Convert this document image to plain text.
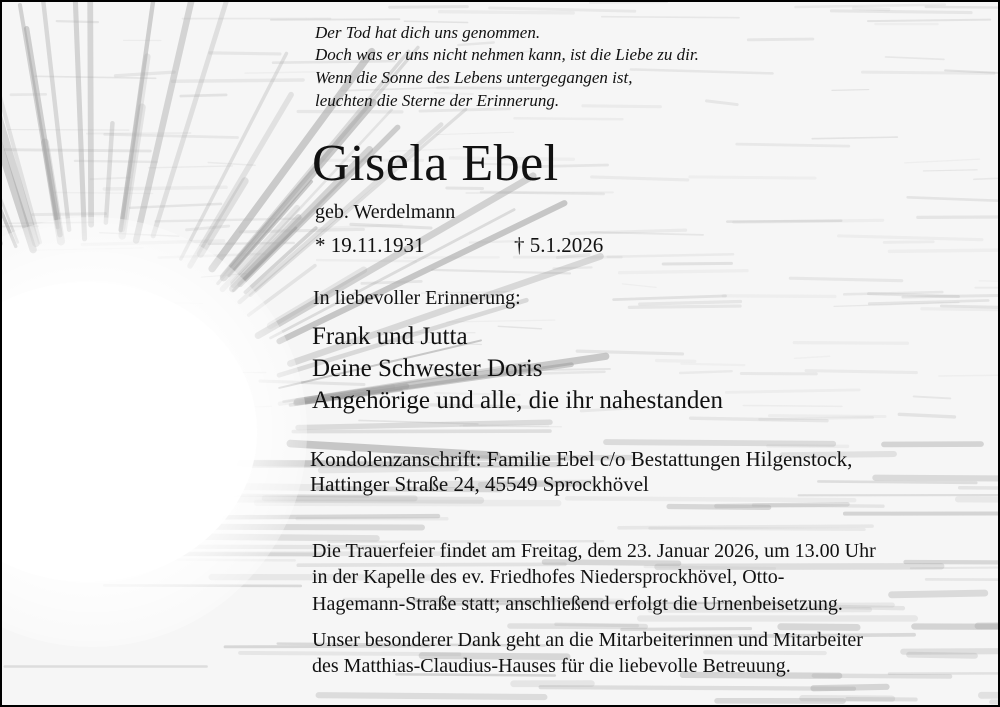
Der Tod hat dich uns genommen.
Doch was er uns nicht nehmen kann, ist die Liebe zu dir.
Wenn die Sonne des Lebens untergegangen ist,
leuchten die Sterne der Erinnerung.
Gisela Ebel
geb. Werdelmann
* 19.11.1931	† 5.1.2026
In liebevoller Erinnerung:
Frank und Jutta
Deine Schwester Doris
Angehörige und alle, die ihr nahestanden
Kondolenzanschrift: Familie Ebel c/o Bestattungen Hilgenstock,
Hattinger Straße 24, 45549 Sprockhövel
Die Trauerfeier findet am Freitag, dem 23. Januar 2026, um 13.00 Uhr
in der Kapelle des ev. Friedhofes Niedersprockhövel, Otto-
Hagemann-Straße statt; anschließend erfolgt die Urnenbeisetzung.
Unser besonderer Dank geht an die Mitarbeiterinnen und Mitarbeiter
des Matthias-Claudius-Hauses für die liebevolle Betreuung.
